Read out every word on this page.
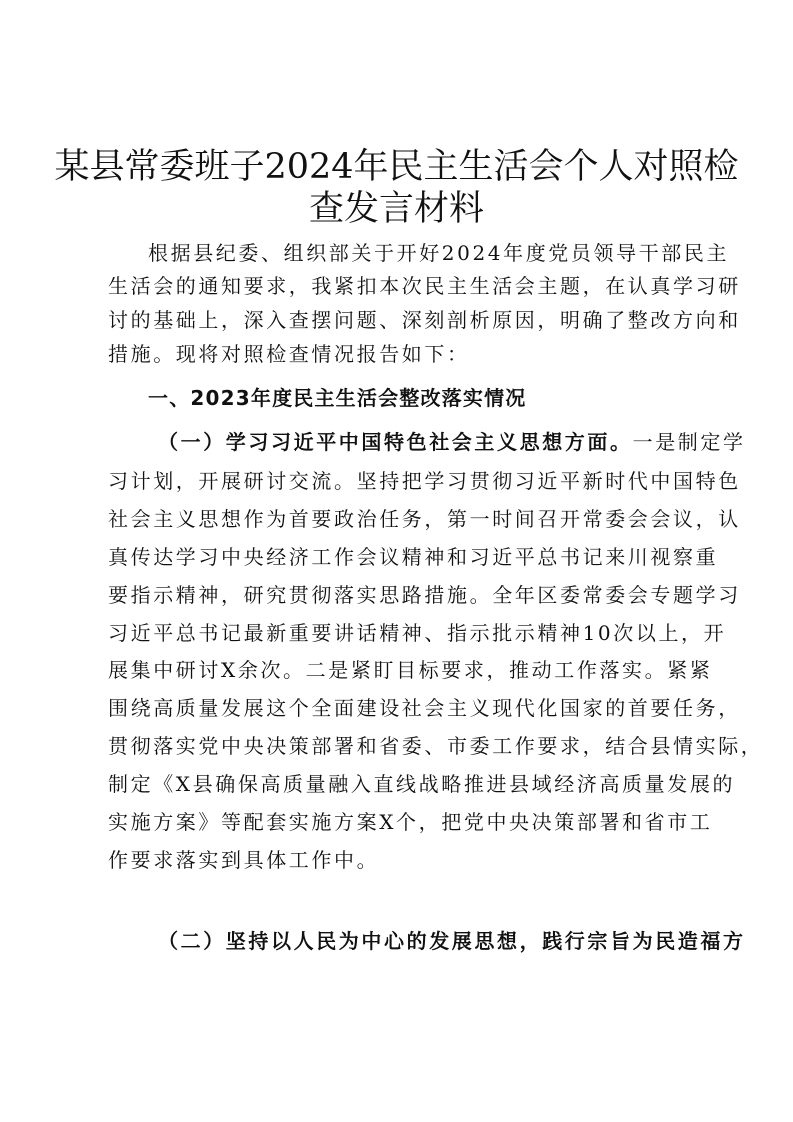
某县常委班子2024年民主生活会个人对照检
查发言材料
根据县纪委、组织部关于开好2024年度党员领导干部民主
生活会的通知要求，我紧扣本次民主生活会主题，在认真学习研
讨的基础上，深入查摆问题、深刻剖析原因，明确了整改方向和
措施。现将对照检查情况报告如下：
一、2023年度民主生活会整改落实情况
（一）学习习近平中国特色社会主义思想方面。一是制定学
习计划，开展研讨交流。坚持把学习贯彻习近平新时代中国特色
社会主义思想作为首要政治任务，第一时间召开常委会会议，认
真传达学习中央经济工作会议精神和习近平总书记来川视察重
要指示精神，研究贯彻落实思路措施。全年区委常委会专题学习
习近平总书记最新重要讲话精神、指示批示精神10次以上，开
展集中研讨X余次。二是紧盯目标要求，推动工作落实。紧紧
围绕高质量发展这个全面建设社会主义现代化国家的首要任务，
贯彻落实党中央决策部署和省委、市委工作要求，结合县情实际，
制定《X县确保高质量融入直线战略推进县域经济高质量发展的
实施方案》等配套实施方案X个，把党中央决策部署和省市工
作要求落实到具体工作中。
（二）坚持以人民为中心的发展思想，践行宗旨为民造福方
